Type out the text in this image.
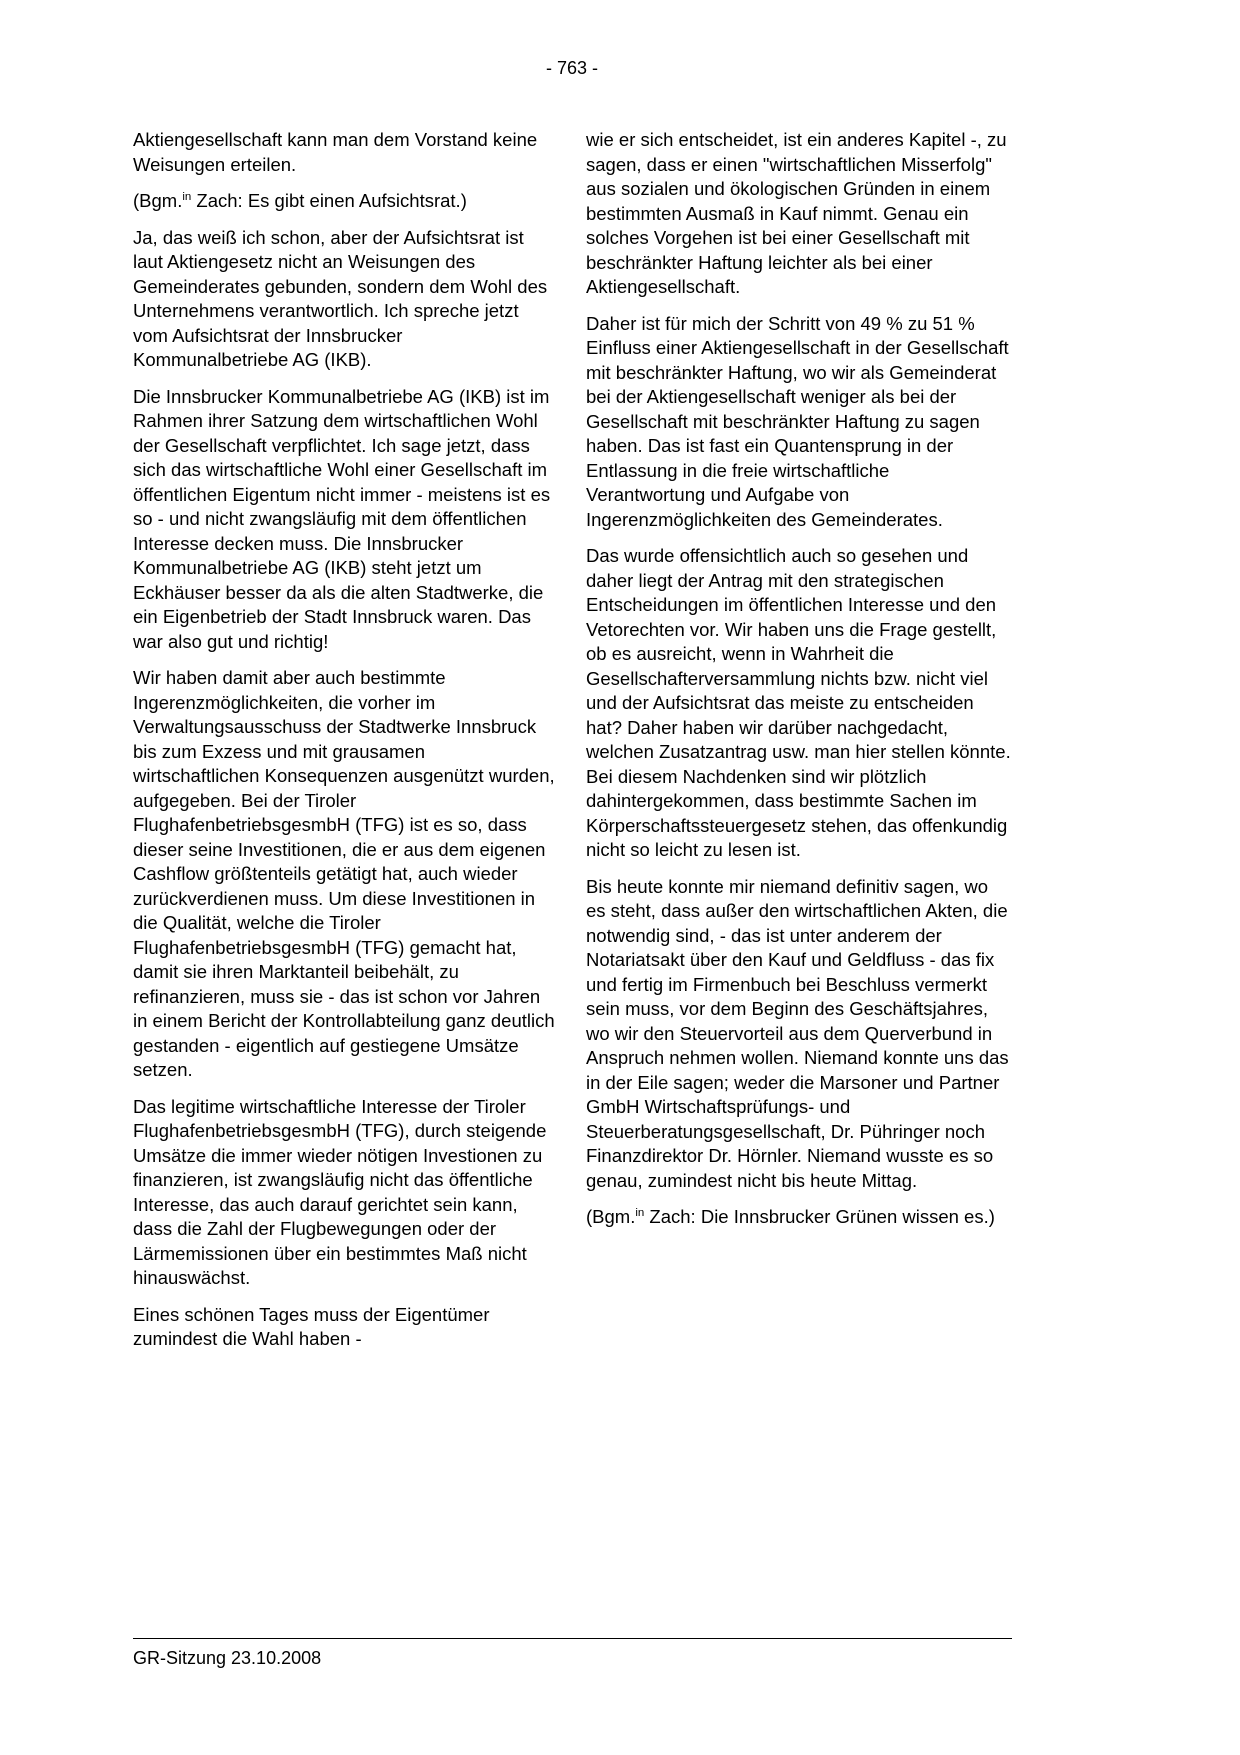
- 763 -

Aktiengesellschaft kann man dem Vorstand keine Weisungen erteilen.

(Bgm.$^{in}$ Zach: Es gibt einen Aufsichtsrat.)

Ja, das weiß ich schon, aber der Aufsichtsrat ist laut Aktiengesetz nicht an Weisungen des Gemeinderates gebunden, sondern dem Wohl des Unternehmens verantwortlich. Ich spreche jetzt vom Aufsichtsrat der Innsbrucker Kommunalbetriebe AG (IKB).

Die Innsbrucker Kommunalbetriebe AG (IKB) ist im Rahmen ihrer Satzung dem wirtschaftlichen Wohl der Gesellschaft verpflichtet. Ich sage jetzt, dass sich das wirtschaftliche Wohl einer Gesellschaft im öffentlichen Eigentum nicht immer - meistens ist es so - und nicht zwangsläufig mit dem öffentlichen Interesse decken muss. Die Innsbrucker Kommunalbetriebe AG (IKB) steht jetzt um Eckhäuser besser da als die alten Stadtwerke, die ein Eigenbetrieb der Stadt Innsbruck waren. Das war also gut und richtig!

Wir haben damit aber auch bestimmte Ingerenzmöglichkeiten, die vorher im Verwaltungsausschuss der Stadtwerke Innsbruck bis zum Exzess und mit grausamen wirtschaftlichen Konsequenzen ausgenützt wurden, aufgegeben. Bei der Tiroler FlughafenbetriebsgesmbH (TFG) ist es so, dass dieser seine Investitionen, die er aus dem eigenen Cashflow größtenteils getätigt hat, auch wieder zurückverdienen muss. Um diese Investitionen in die Qualität, welche die Tiroler FlughafenbetriebsgesmbH (TFG) gemacht hat, damit sie ihren Marktanteil beibehält, zu refinanzieren, muss sie - das ist schon vor Jahren in einem Bericht der Kontrollabteilung ganz deutlich gestanden - eigentlich auf gestiegene Umsätze setzen.

Das legitime wirtschaftliche Interesse der Tiroler FlughafenbetriebsgesmbH (TFG), durch steigende Umsätze die immer wieder nötigen Investionen zu finanzieren, ist zwangsläufig nicht das öffentliche Interesse, das auch darauf gerichtet sein kann, dass die Zahl der Flugbewegungen oder der Lärmemissionen über ein bestimmtes Maß nicht hinauswächst.

Eines schönen Tages muss der Eigentümer zumindest die Wahl haben -

wie er sich entscheidet, ist ein anderes Kapitel -, zu sagen, dass er einen "wirtschaftlichen Misserfolg" aus sozialen und ökologischen Gründen in einem bestimmten Ausmaß in Kauf nimmt. Genau ein solches Vorgehen ist bei einer Gesellschaft mit beschränkter Haftung leichter als bei einer Aktiengesellschaft.

Daher ist für mich der Schritt von 49 % zu 51 % Einfluss einer Aktiengesellschaft in der Gesellschaft mit beschränkter Haftung, wo wir als Gemeinderat bei der Aktiengesellschaft weniger als bei der Gesellschaft mit beschränkter Haftung zu sagen haben. Das ist fast ein Quantensprung in der Entlassung in die freie wirtschaftliche Verantwortung und Aufgabe von Ingerenzmöglichkeiten des Gemeinderates.

Das wurde offensichtlich auch so gesehen und daher liegt der Antrag mit den strategischen Entscheidungen im öffentlichen Interesse und den Vetorechten vor. Wir haben uns die Frage gestellt, ob es ausreicht, wenn in Wahrheit die Gesellschafterversammlung nichts bzw. nicht viel und der Aufsichtsrat das meiste zu entscheiden hat? Daher haben wir darüber nachgedacht, welchen Zusatzantrag usw. man hier stellen könnte. Bei diesem Nachdenken sind wir plötzlich dahintergekommen, dass bestimmte Sachen im Körperschaftssteuergesetz stehen, das offenkundig nicht so leicht zu lesen ist.

Bis heute konnte mir niemand definitiv sagen, wo es steht, dass außer den wirtschaftlichen Akten, die notwendig sind, - das ist unter anderem der Notariatsakt über den Kauf und Geldfluss - das fix und fertig im Firmenbuch bei Beschluss vermerkt sein muss, vor dem Beginn des Geschäftsjahres, wo wir den Steuervorteil aus dem Querverbund in Anspruch nehmen wollen. Niemand konnte uns das in der Eile sagen; weder die Marsoner und Partner GmbH Wirtschaftsprüfungs- und Steuerberatungsgesellschaft, Dr. Pühringer noch Finanzdirektor Dr. Hörnler. Niemand wusste es so genau, zumindest nicht bis heute Mittag.

(Bgm.$^{in}$ Zach: Die Innsbrucker Grünen wissen es.)

GR-Sitzung 23.10.2008
